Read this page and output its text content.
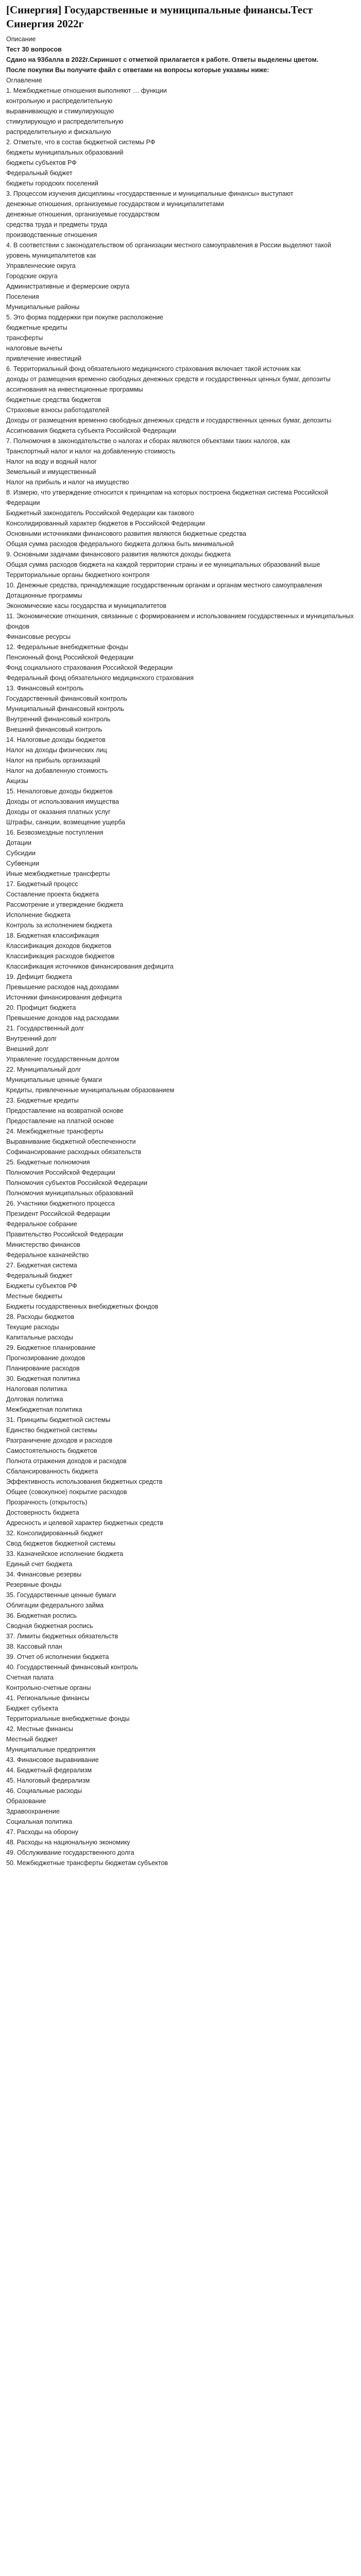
[Синергия] Государственные и муниципальные финансы.Тест Синергия 2022г

Описание

Тест 30 вопросов

Сдано на 93балла в 2022г.Скриншот с отметкой прилагается к работе. Ответы выделены цветом.

После покупки Вы получите файл с ответами на вопросы которые указаны ниже:

Оглавление

1. Межбюджетные отношения выполняют … функции

контрольную и распределительную

выравнивающую и стимулирующую

стимулирующую и распределительную

распределительную и фискальную

2. Отметьте, что в состав бюджетной системы РФ

бюджеты муниципальных образований

бюджеты субъектов РФ

Федеральный бюджет

бюджеты городских поселений

3. Процессом изучения дисциплины «государственные и муниципальные финансы» выступают

денежные отношения, организуемые государством и муниципалитетами

денежные отношения, организуемые государством

средства труда и предметы труда

производственные отношения

4. В соответствии с законодательством об организации местного самоуправления в России выделяют такой уровень муниципалитетов как

Управленческие округа

Городские округа

Административные и фермерские округа

Поселения

Муниципальные районы

5. Это форма поддержки при покупке расположение

бюджетные кредиты

трансферты

налоговые вычеты

привлечение инвестиций

6. Территориальный фонд обязательного медицинского страхования включает такой источник как

доходы от размещения временно свободных денежных средств и государственных ценных бумаг, депозиты

ассигнования на инвестиционные программы

бюджетные средства бюджетов

Страховые взносы работодателей

Доходы от размещения временно свободных денежных средств и государственных ценных бумаг, депозиты

Ассигнования бюджета субъекта Российской Федерации

7. Полномочия в законодательстве о налогах и сборах являются объектами таких налогов, как

Транспортный налог и налог на добавленную стоимость

Налог на воду и водный налог

Земельный и имущественный

Налог на прибыль и налог на имущество

8. Измерю, что утверждение относится к принципам на которых построена бюджетная система Российской Федерации

Бюджетный законодатель Российской Федерации как такового

Консолидированный характер бюджетов в Российской Федерации

Основными источниками финансового развития являются бюджетные средства

Общая сумма расходов федерального бюджета должна быть минимальной

9. Основными задачами финансового развития являются доходы бюджета

Общая сумма расходов бюджета на каждой территории страны и ее муниципальных образований выше

Территориальные органы бюджетного контроля

10. Денежные средства, принадлежащие государственным органам и органам местного самоуправления

Дотационные программы

Экономические касы государства и муниципалитетов

11. Экономические отношения, связанные с формированием и использованием государственных и муниципальных фондов

Финансовые ресурсы

12. Федеральные внебюджетные фонды

Пенсионный фонд Российской Федерации

Фонд социального страхования Российской Федерации

Федеральный фонд обязательного медицинского страхования

13. Финансовый контроль

Государственный финансовый контроль

Муниципальный финансовый контроль

Внутренний финансовый контроль

Внешний финансовый контроль

14. Налоговые доходы бюджетов

Налог на доходы физических лиц

Налог на прибыль организаций

Налог на добавленную стоимость

Акцизы

15. Неналоговые доходы бюджетов

Доходы от использования имущества

Доходы от оказания платных услуг

Штрафы, санкции, возмещение ущерба

16. Безвозмездные поступления

Дотации

Субсидии

Субвенции

Иные межбюджетные трансферты

17. Бюджетный процесс

Составление проекта бюджета

Рассмотрение и утверждение бюджета

Исполнение бюджета

Контроль за исполнением бюджета

18. Бюджетная классификация

Классификация доходов бюджетов

Классификация расходов бюджетов

Классификация источников финансирования дефицита

19. Дефицит бюджета

Превышение расходов над доходами

Источники финансирования дефицита

20. Профицит бюджета

Превышение доходов над расходами

21. Государственный долг

Внутренний долг

Внешний долг

Управление государственным долгом

22. Муниципальный долг

Муниципальные ценные бумаги

Кредиты, привлеченные муниципальным образованием

23. Бюджетные кредиты

Предоставление на возвратной основе

Предоставление на платной основе

24. Межбюджетные трансферты

Выравнивание бюджетной обеспеченности

Софинансирование расходных обязательств

25. Бюджетные полномочия

Полномочия Российской Федерации

Полномочия субъектов Российской Федерации

Полномочия муниципальных образований

26. Участники бюджетного процесса

Президент Российской Федерации

Федеральное собрание

Правительство Российской Федерации

Министерство финансов

Федеральное казначейство

27. Бюджетная система

Федеральный бюджет

Бюджеты субъектов РФ

Местные бюджеты

Бюджеты государственных внебюджетных фондов

28. Расходы бюджетов

Текущие расходы

Капитальные расходы

29. Бюджетное планирование

Прогнозирование доходов

Планирование расходов

30. Бюджетная политика

Налоговая политика

Долговая политика

Межбюджетная политика

31. Принципы бюджетной системы

Единство бюджетной системы

Разграничение доходов и расходов

Самостоятельность бюджетов

Полнота отражения доходов и расходов

Сбалансированность бюджета

Эффективность использования бюджетных средств

Общее (совокупное) покрытие расходов

Прозрачность (открытость)

Достоверность бюджета

Адресность и целевой характер бюджетных средств

32. Консолидированный бюджет

Свод бюджетов бюджетной системы

33. Казначейское исполнение бюджета

Единый счет бюджета

34. Финансовые резервы

Резервные фонды

35. Государственные ценные бумаги

Облигации федерального займа

36. Бюджетная роспись

Сводная бюджетная роспись

37. Лимиты бюджетных обязательств

38. Кассовый план

39. Отчет об исполнении бюджета

40. Государственный финансовый контроль

Счетная палата

Контрольно-счетные органы

41. Региональные финансы

Бюджет субъекта

Территориальные внебюджетные фонды

42. Местные финансы

Местный бюджет

Муниципальные предприятия

43. Финансовое выравнивание

44. Бюджетный федерализм

45. Налоговый федерализм

46. Социальные расходы

Образование

Здравоохранение

Социальная политика

47. Расходы на оборону

48. Расходы на национальную экономику

49. Обслуживание государственного долга

50. Межбюджетные трансферты бюджетам субъектов
